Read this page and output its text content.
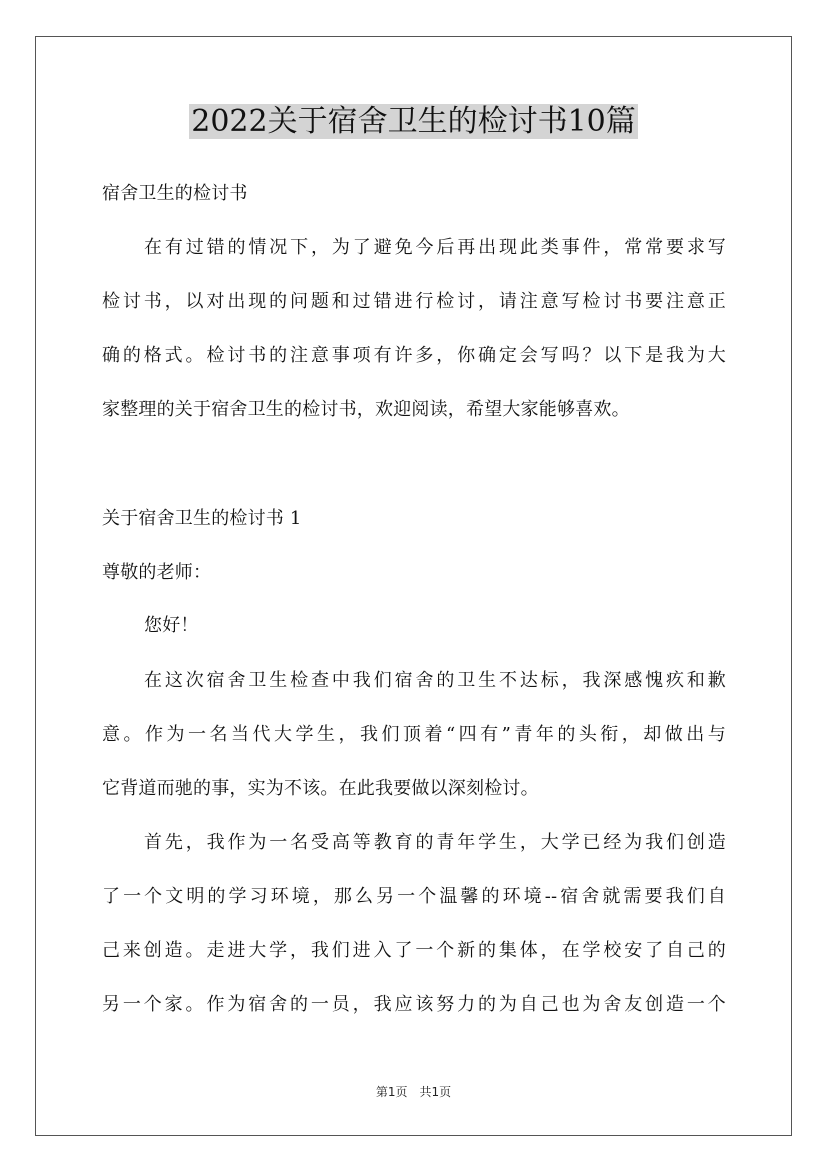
2022关于宿舍卫生的检讨书10篇
宿舍卫生的检讨书
在有过错的情况下，为了避免今后再出现此类事件，常常要求写
检讨书，以对出现的问题和过错进行检讨，请注意写检讨书要注意正
确的格式。检讨书的注意事项有许多，你确定会写吗？以下是我为大
家整理的关于宿舍卫生的检讨书，欢迎阅读，希望大家能够喜欢。
关于宿舍卫生的检讨书 1
尊敬的老师：
您好！
在这次宿舍卫生检查中我们宿舍的卫生不达标，我深感愧疚和歉
意。作为一名当代大学生，我们顶着“四有”青年的头衔，却做出与
它背道而驰的事，实为不该。在此我要做以深刻检讨。
首先，我作为一名受高等教育的青年学生，大学已经为我们创造
了一个文明的学习环境，那么另一个温馨的环境--宿舍就需要我们自
己来创造。走进大学，我们进入了一个新的集体，在学校安了自己的
另一个家。作为宿舍的一员，我应该努力的为自己也为舍友创造一个
第1页 共1页
